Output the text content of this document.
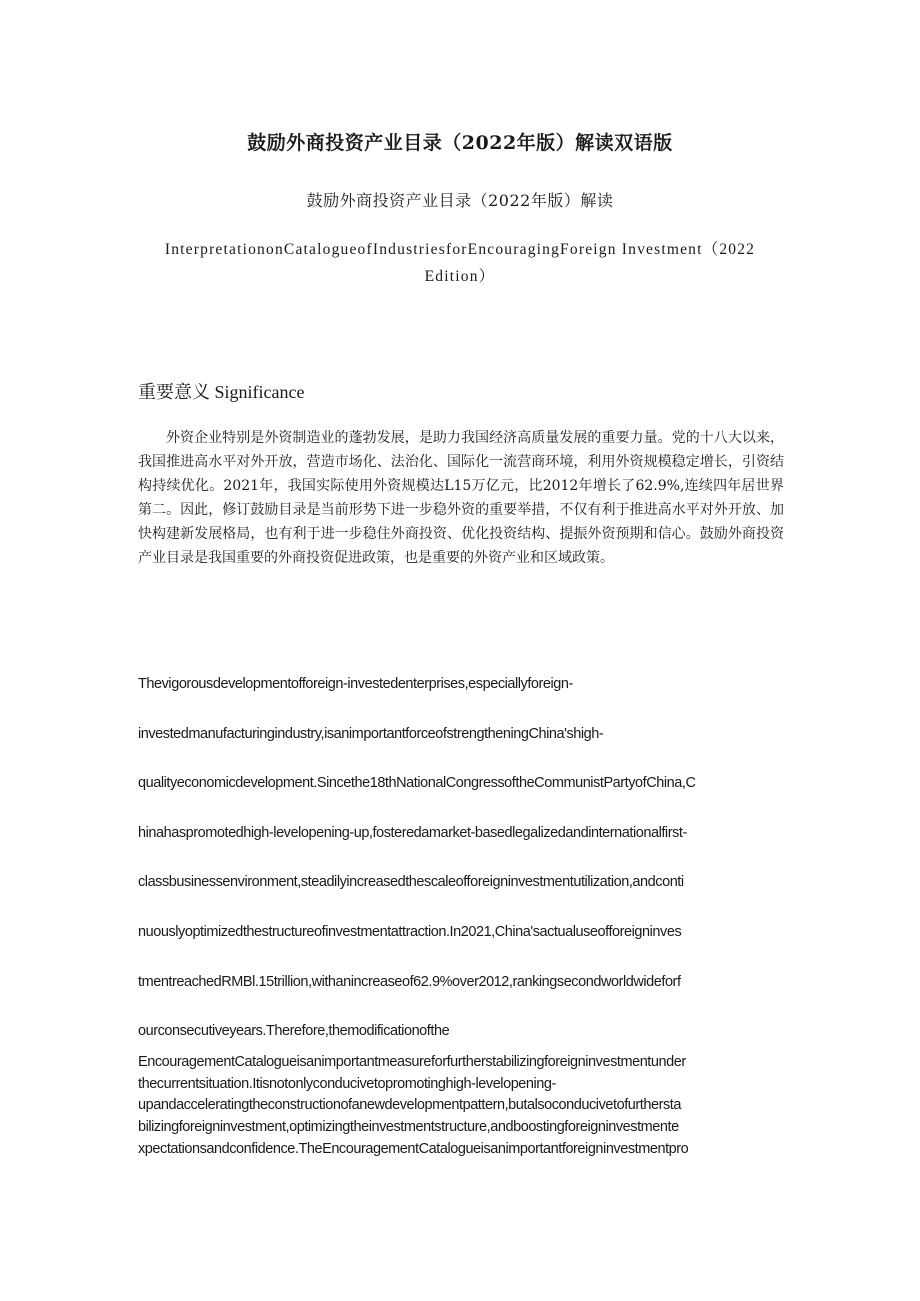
鼓励外商投资产业目录（2022年版）解读双语版
鼓励外商投资产业目录（2022年版）解读
InterpretationonCatalogueofIndustriesforEncouragingForeign Investment（2022Edition）
重要意义 Significance
外资企业特别是外资制造业的蓬勃发展，是助力我国经济高质量发展的重要力量。党的十八大以来，我国推进高水平对外开放，营造市场化、法治化、国际化一流营商环境，利用外资规模稳定增长，引资结构持续优化。2021年，我国实际使用外资规模达L15万亿元，比2012年增长了62.9%,连续四年居世界第二。因此，修订鼓励目录是当前形势下进一步稳外资的重要举措，不仅有利于推进高水平对外开放、加快构建新发展格局，也有利于进一步稳住外商投资、优化投资结构、提振外资预期和信心。鼓励外商投资产业目录是我国重要的外商投资促进政策，也是重要的外资产业和区域政策。
Thevigorousdevelopmentofforeign-investedenterprises,especiallyforeign-
investedmanufacturingindustry,isanimportantforceofstrengtheningChina'shigh-
qualityeconomicdevelopment.Sincethe18thNationalCongressoftheCommunistPartyofChina,C
hinahaspromotedhigh-levelopening-up,fosteredamarket-basedlegalizedandinternationalfirst-
classbusinessenvironment,steadilyincreasedthescaleofforeigninvestmentutilization,andconti
nuouslyoptimizedthestructureofinvestmentattraction.In2021,China'sactualuseofforeigninves
tmentreachedRMBl.15trillion,withanincreaseof62.9%over2012,rankingsecondworldwideforf
ourconsecutiveyears.Therefore,themodificationofthe
EncouragementCatalogueisanimportantmeasureforfurtherstabilizingforeigninvestmentunder
thecurrentsituation.Itisnotonlyconducivetopromotinghigh-levelopening-
upandacceleratingtheconstructionofanewdevelopmentpattern,butalsoconducivetofurthersta
bilizingforeigninvestment,optimizingtheinvestmentstructure,andboostingforeigninvestmente
xpectationsandconfidence.TheEncouragementCatalogueisanimportantforeigninvestmentpro
